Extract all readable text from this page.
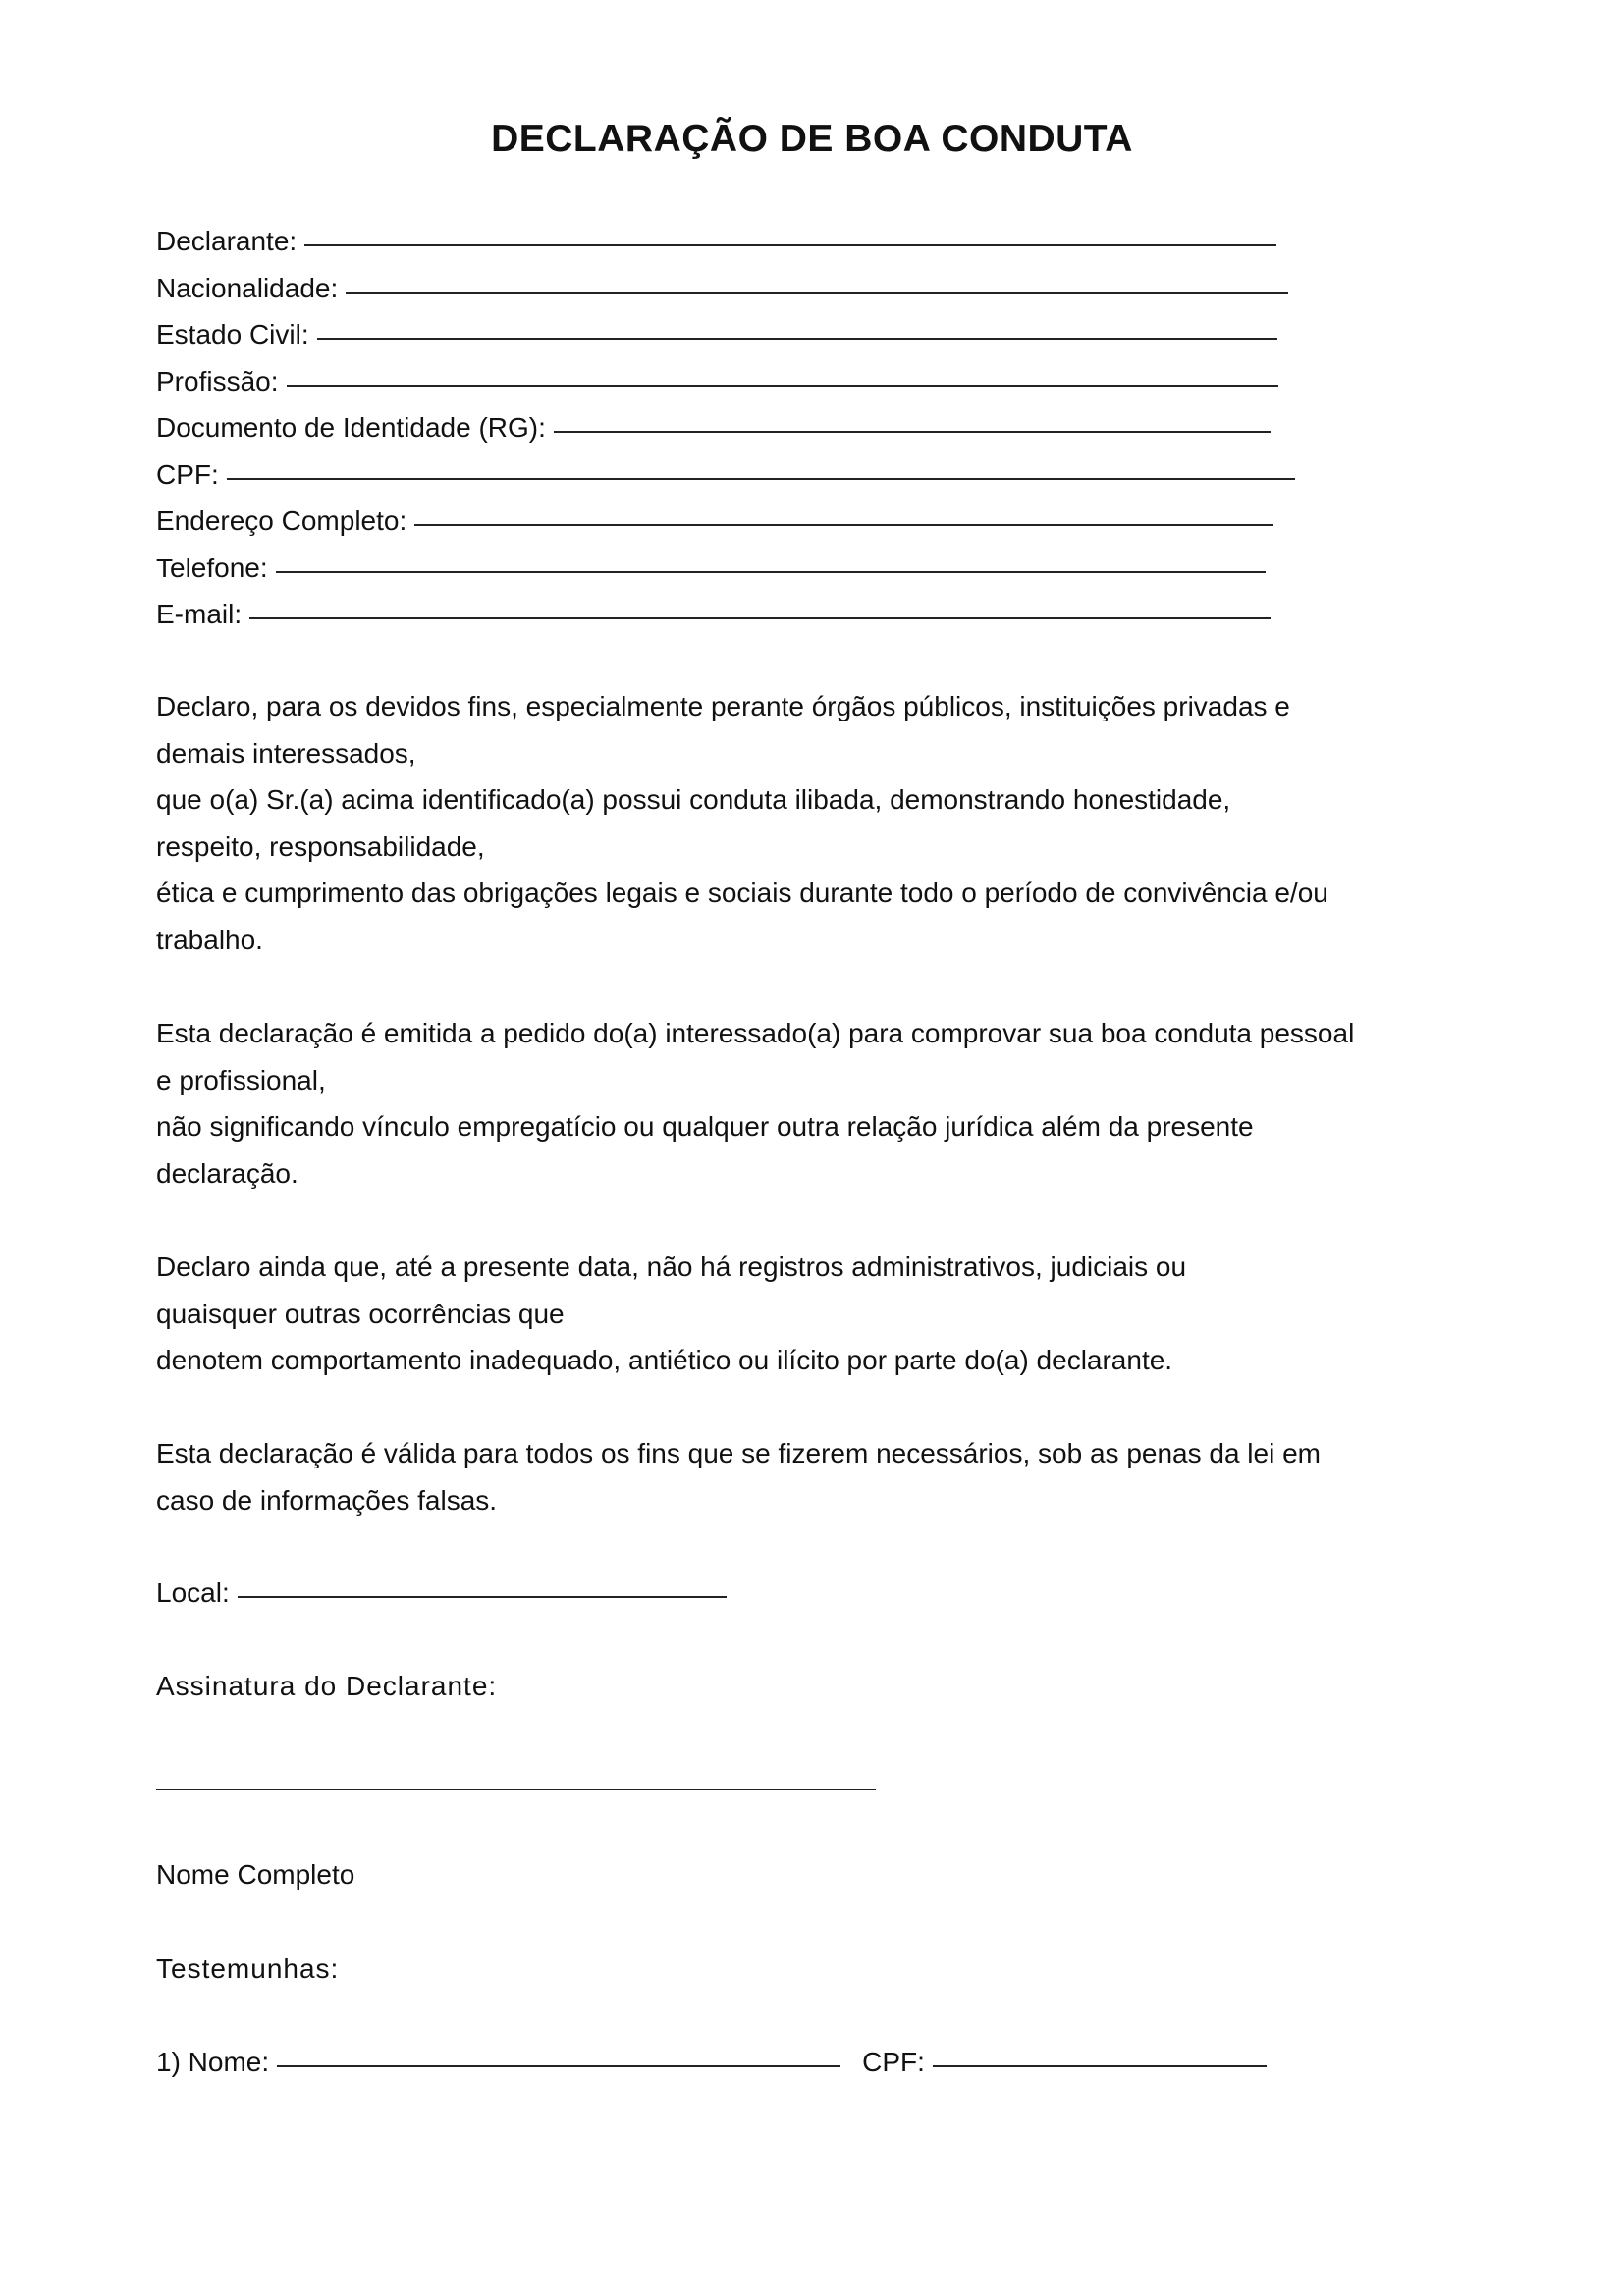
DECLARAÇÃO DE BOA CONDUTA
Declarante:
Nacionalidade:
Estado Civil:
Profissão:
Documento de Identidade (RG):
CPF:
Endereço Completo:
Telefone:
E-mail:
Declaro, para os devidos fins, especialmente perante órgãos públicos, instituições privadas e
demais interessados,
que o(a) Sr.(a) acima identificado(a) possui conduta ilibada, demonstrando honestidade,
respeito, responsabilidade,
ética e cumprimento das obrigações legais e sociais durante todo o período de convivência e/ou
trabalho.
Esta declaração é emitida a pedido do(a) interessado(a) para comprovar sua boa conduta pessoal
e profissional,
não significando vínculo empregatício ou qualquer outra relação jurídica além da presente
declaração.
Declaro ainda que, até a presente data, não há registros administrativos, judiciais ou
quaisquer outras ocorrências que
denotem comportamento inadequado, antiético ou ilícito por parte do(a) declarante.
Esta declaração é válida para todos os fins que se fizerem necessários, sob as penas da lei em
caso de informações falsas.
Local:
Assinatura do Declarante:
Nome Completo
Testemunhas:
1) Nome:	CPF:
